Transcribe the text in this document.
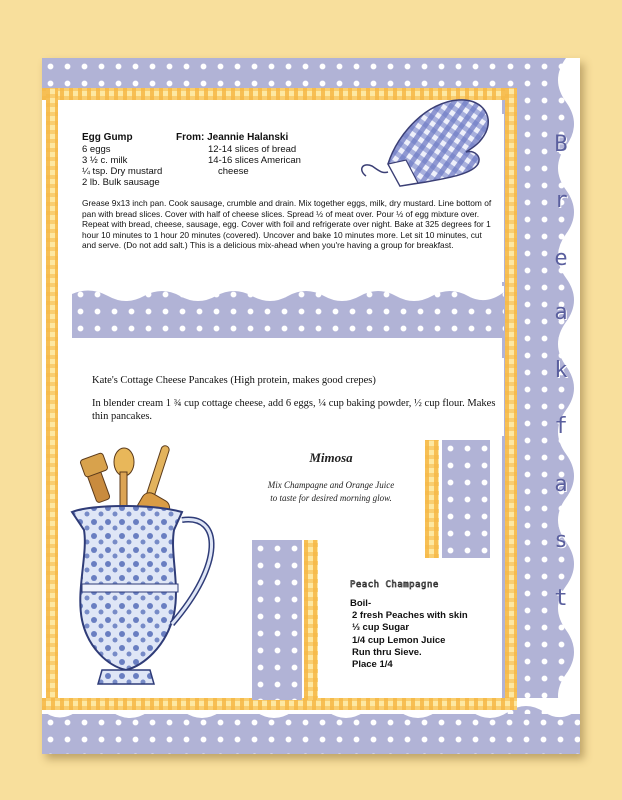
Egg Gump	From: Jeannie Halanski
6 eggs
3 ½ c. milk
¼ tsp. Dry mustard
2 lb. Bulk sausage
12-14 slices of bread
14-16 slices American
cheese
Grease 9x13 inch pan. Cook sausage, crumble and drain. Mix together eggs, milk, dry mustard. Line bottom of pan with bread slices. Cover with half of cheese slices. Spread ½ of meat over. Pour ½ of egg mixture over. Repeat with bread, cheese, sausage, egg. Cover with foil and refrigerate over night. Bake at 325 degrees for 1 hour 10 minutes to 1 hour 20 minutes (covered). Uncover and bake 10 minutes more. Let sit 10 minutes, cut and serve. (Do not add salt.) This is a delicious mix-ahead when you're having a group for breakfast.
Kate's Cottage Cheese Pancakes (High protein, makes good crepes)
In blender cream 1 ¾ cup cottage cheese, add 6 eggs, ¼ cup baking powder, ½ cup flour. Makes thin pancakes.
Mimosa
Mix Champagne and Orange Juice
to taste for desired morning glow.
Peach Champagne
Boil-
2 fresh Peaches with skin
⅓ cup Sugar
1/4 cup Lemon Juice
Run thru Sieve.
Place 1/4
B
r
e
a
k
f
a
s
t
